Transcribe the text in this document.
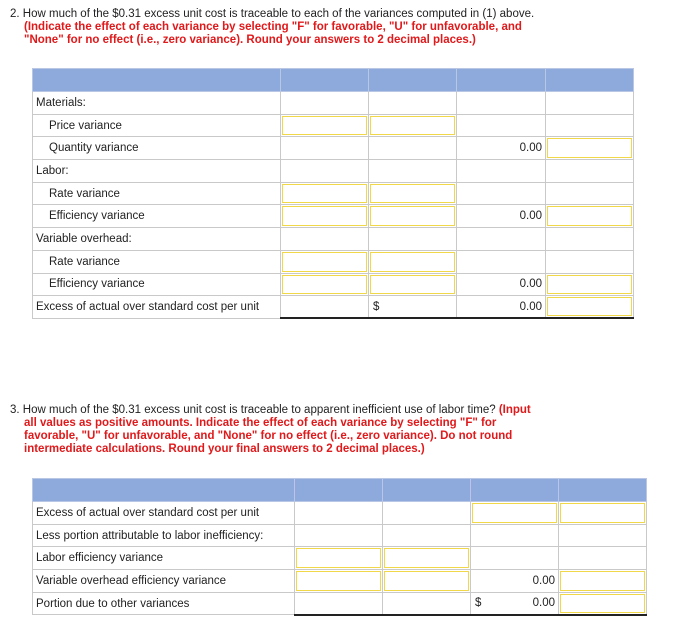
2. How much of the $0.31 excess unit cost is traceable to each of the variances computed in (1) above.
(Indicate the effect of each variance by selecting "F" for favorable, "U" for unfavorable, and
"None" for no effect (i.e., zero variance). Round your answers to 2 decimal places.)

Materials:				
Price variance	

Quantity variance			0.00	

Labor:				
Rate variance	

Efficiency variance			0.00	

Variable overhead:				
Rate variance	

Efficiency variance			0.00	

Excess of actual over standard cost per unit		$	0.00	
3. How much of the $0.31 excess unit cost is traceable to apparent inefficient use of labor time? (Input
all values as positive amounts. Indicate the effect of each variance by selecting "F" for
favorable, "U" for unfavorable, and "None" for no effect (i.e., zero variance). Do not round
intermediate calculations. Round your final answers to 2 decimal places.)

Excess of actual over standard cost per unit			

Less portion attributable to labor inefficiency:				
Labor efficiency variance	

Variable overhead efficiency variance			0.00	

Portion due to other variances			$ 0.00	
